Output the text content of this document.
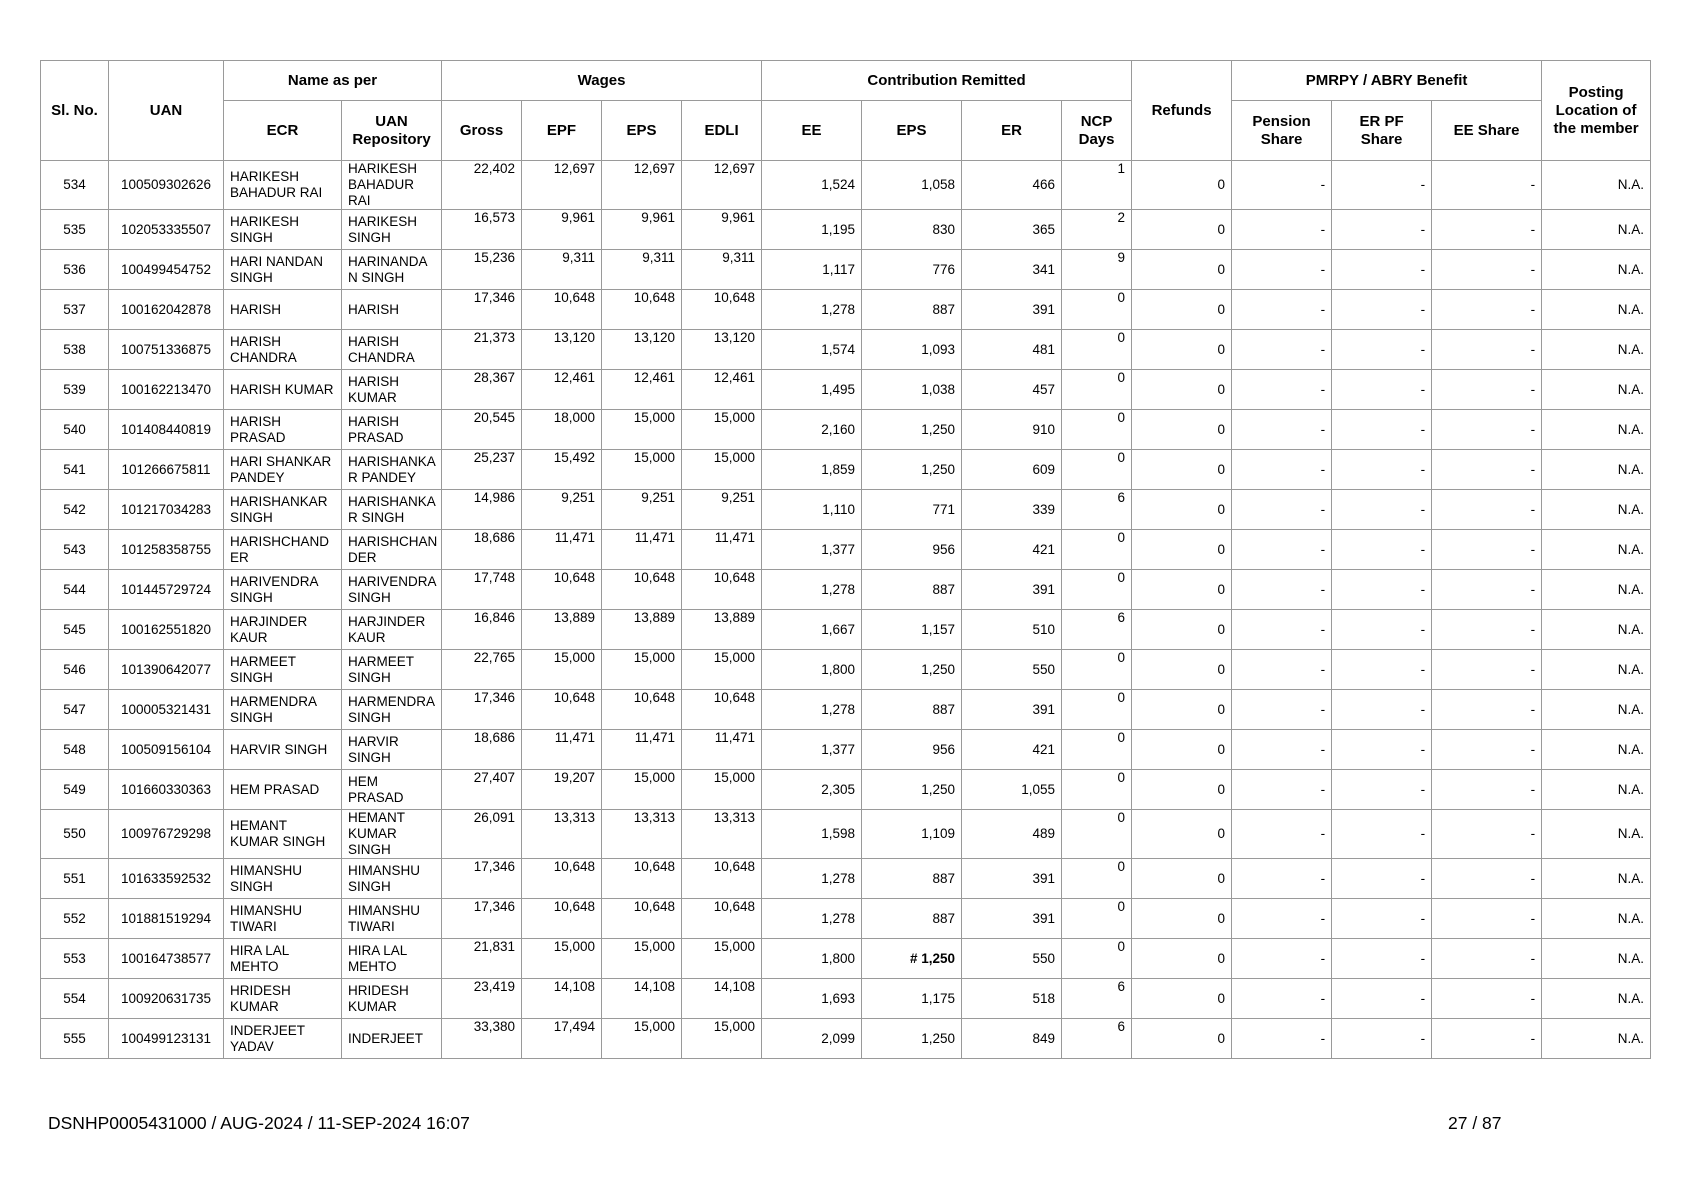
Sl. No.	UAN	Name as per		Wages				Contribution Remitted				Refunds	PMRPY / ABRY Benefit			Posting Location of the member
		ECR	UAN Repository	Gross	EPF	EPS	EDLI	EE	EPS	ER	NCP Days		Pension Share	ER PF Share	EE Share	
534	100509302626	HARIKESH BAHADUR RAI	HARIKESH BAHADUR RAI	22,402	12,697	12,697	12,697	1,524	1,058	466	1	0	-	-	-	N.A.
535	102053335507	HARIKESH SINGH	HARIKESH SINGH	16,573	9,961	9,961	9,961	1,195	830	365	2	0	-	-	-	N.A.
536	100499454752	HARI NANDAN SINGH	HARINANDA N SINGH	15,236	9,311	9,311	9,311	1,117	776	341	9	0	-	-	-	N.A.
537	100162042878	HARISH	HARISH	17,346	10,648	10,648	10,648	1,278	887	391	0	0	-	-	-	N.A.
538	100751336875	HARISH CHANDRA	HARISH CHANDRA	21,373	13,120	13,120	13,120	1,574	1,093	481	0	0	-	-	-	N.A.
539	100162213470	HARISH KUMAR	HARISH KUMAR	28,367	12,461	12,461	12,461	1,495	1,038	457	0	0	-	-	-	N.A.
540	101408440819	HARISH PRASAD	HARISH PRASAD	20,545	18,000	15,000	15,000	2,160	1,250	910	0	0	-	-	-	N.A.
541	101266675811	HARI SHANKAR PANDEY	HARISHANKA R PANDEY	25,237	15,492	15,000	15,000	1,859	1,250	609	0	0	-	-	-	N.A.
542	101217034283	HARISHANKAR SINGH	HARISHANKA R SINGH	14,986	9,251	9,251	9,251	1,110	771	339	6	0	-	-	-	N.A.
543	101258358755	HARISHCHAND ER	HARISHCHAN DER	18,686	11,471	11,471	11,471	1,377	956	421	0	0	-	-	-	N.A.
544	101445729724	HARIVENDRA SINGH	HARIVENDRA SINGH	17,748	10,648	10,648	10,648	1,278	887	391	0	0	-	-	-	N.A.
545	100162551820	HARJINDER KAUR	HARJINDER KAUR	16,846	13,889	13,889	13,889	1,667	1,157	510	6	0	-	-	-	N.A.
546	101390642077	HARMEET SINGH	HARMEET SINGH	22,765	15,000	15,000	15,000	1,800	1,250	550	0	0	-	-	-	N.A.
547	100005321431	HARMENDRA SINGH	HARMENDRA SINGH	17,346	10,648	10,648	10,648	1,278	887	391	0	0	-	-	-	N.A.
548	100509156104	HARVIR SINGH	HARVIR SINGH	18,686	11,471	11,471	11,471	1,377	956	421	0	0	-	-	-	N.A.
549	101660330363	HEM PRASAD	HEM PRASAD	27,407	19,207	15,000	15,000	2,305	1,250	1,055	0	0	-	-	-	N.A.
550	100976729298	HEMANT KUMAR SINGH	HEMANT KUMAR SINGH	26,091	13,313	13,313	13,313	1,598	1,109	489	0	0	-	-	-	N.A.
551	101633592532	HIMANSHU SINGH	HIMANSHU SINGH	17,346	10,648	10,648	10,648	1,278	887	391	0	0	-	-	-	N.A.
552	101881519294	HIMANSHU TIWARI	HIMANSHU TIWARI	17,346	10,648	10,648	10,648	1,278	887	391	0	0	-	-	-	N.A.
553	100164738577	HIRA LAL MEHTO	HIRA LAL MEHTO	21,831	15,000	15,000	15,000	1,800	# 1,250	550	0	0	-	-	-	N.A.
554	100920631735	HRIDESH KUMAR	HRIDESH KUMAR	23,419	14,108	14,108	14,108	1,693	1,175	518	6	0	-	-	-	N.A.
555	100499123131	INDERJEET YADAV	INDERJEET	33,380	17,494	15,000	15,000	2,099	1,250	849	6	0	-	-	-	N.A.
DSNHP0005431000 / AUG-2024 / 11-SEP-2024 16:07	27 / 87
